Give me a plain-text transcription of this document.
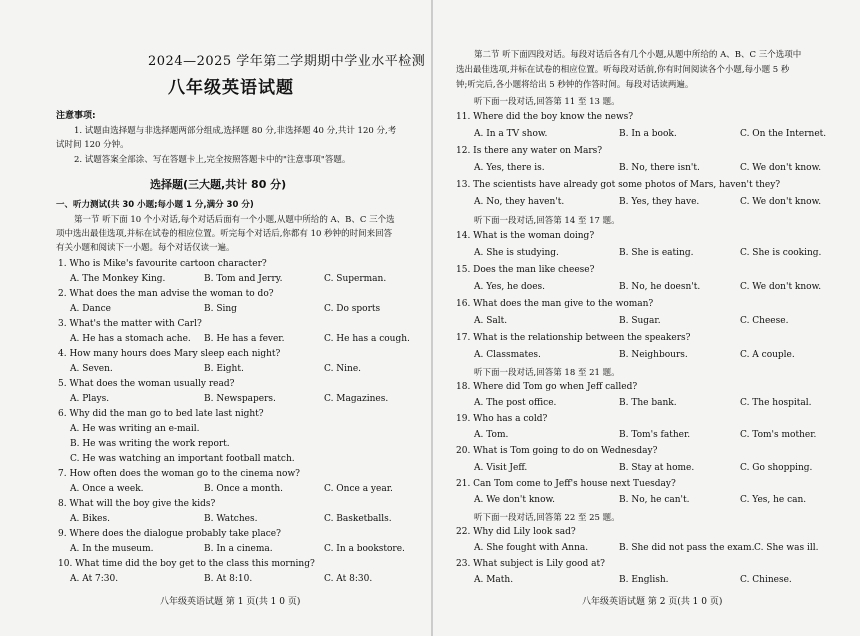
2024—2025 学年第二学期期中学业水平检测
八年级英语试题
注意事项:
1. 试题由选择题与非选择题两部分组成,选择题 80 分,非选择题 40 分,共计 120 分,考
试时间 120 分钟。
2. 试题答案全部涂、写在答题卡上,完全按照答题卡中的"注意事项"答题。
选择题(三大题,共计 80 分)
一、听力测试(共 30 小题;每小题 1 分,满分 30 分)
第一节 听下面 10 个小对话,每个对话后面有一个小题,从题中所给的 A、B、C 三个选
项中选出最佳选项,并标在试卷的相应位置。听完每个对话后,你都有 10 秒钟的时间来回答
有关小题和阅读下一小题。每个对话仅读一遍。
1. Who is Mike's favourite cartoon character?
A. The Monkey King.	B. Tom and Jerry.	C. Superman.
2. What does the man advise the woman to do?
A. Dance	B. Sing	C. Do sports
3. What's the matter with Carl?
A. He has a stomach ache. B. He has a fever.	C. He has a cough.
4. How many hours does Mary sleep each night?
A. Seven.	B. Eight.	C. Nine.
5. What does the woman usually read?
A. Plays.	B. Newspapers.	C. Magazines.
6. Why did the man go to bed late last night?
A. He was writing an e-mail.
B. He was writing the work report.
C. He was watching an important football match.
7. How often does the woman go to the cinema now?
A. Once a week.	B. Once a month.	C. Once a year.
8. What will the boy give the kids?
A. Bikes.	B. Watches.	C. Basketballs.
9. Where does the dialogue probably take place?
A. In the museum.	B. In a cinema.	C. In a bookstore.
10. What time did the boy get to the class this morning?
A. At 7:30.	B. At 8:10.	C. At 8:30.
八年级英语试题 第 1 页(共 1 0 页)
第二节 听下面四段对话。每段对话后各有几个小题,从题中所给的 A、B、C 三个选项中
选出最佳选项,并标在试卷的相应位置。听每段对话前,你有时间阅读各个小题,每小题 5 秒
钟;听完后,各小题将给出 5 秒钟的作答时间。每段对话读两遍。
听下面一段对话,回答第 11 至 13 题。
11. Where did the boy know the news?
A. In a TV show.	B. In a book.	C. On the Internet.
12. Is there any water on Mars?
A. Yes, there is.	B. No, there isn't.	C. We don't know.
13. The scientists have already got some photos of Mars, haven't they?
A. No, they haven't.	B. Yes, they have.	C. We don't know.
听下面一段对话,回答第 14 至 17 题。
14. What is the woman doing?
A. She is studying.	B. She is eating.	C. She is cooking.
15. Does the man like cheese?
A. Yes, he does.	B. No, he doesn't.	C. We don't know.
16. What does the man give to the woman?
A. Salt.	B. Sugar.	C. Cheese.
17. What is the relationship between the speakers?
A. Classmates.	B. Neighbours.	C. A couple.
听下面一段对话,回答第 18 至 21 题。
18. Where did Tom go when Jeff called?
A. The post office.	B. The bank.	C. The hospital.
19. Who has a cold?
A. Tom.	B. Tom's father.	C. Tom's mother.
20. What is Tom going to do on Wednesday?
A. Visit Jeff.	B. Stay at home.	C. Go shopping.
21. Can Tom come to Jeff's house next Tuesday?
A. We don't know.	B. No, he can't.	C. Yes, he can.
听下面一段对话,回答第 22 至 25 题。
22. Why did Lily look sad?
A. She fought with Anna.	B. She did not pass the exam. C. She was ill.
23. What subject is Lily good at?
A. Math.	B. English.	C. Chinese.
八年级英语试题 第 2 页(共 1 0 页)
